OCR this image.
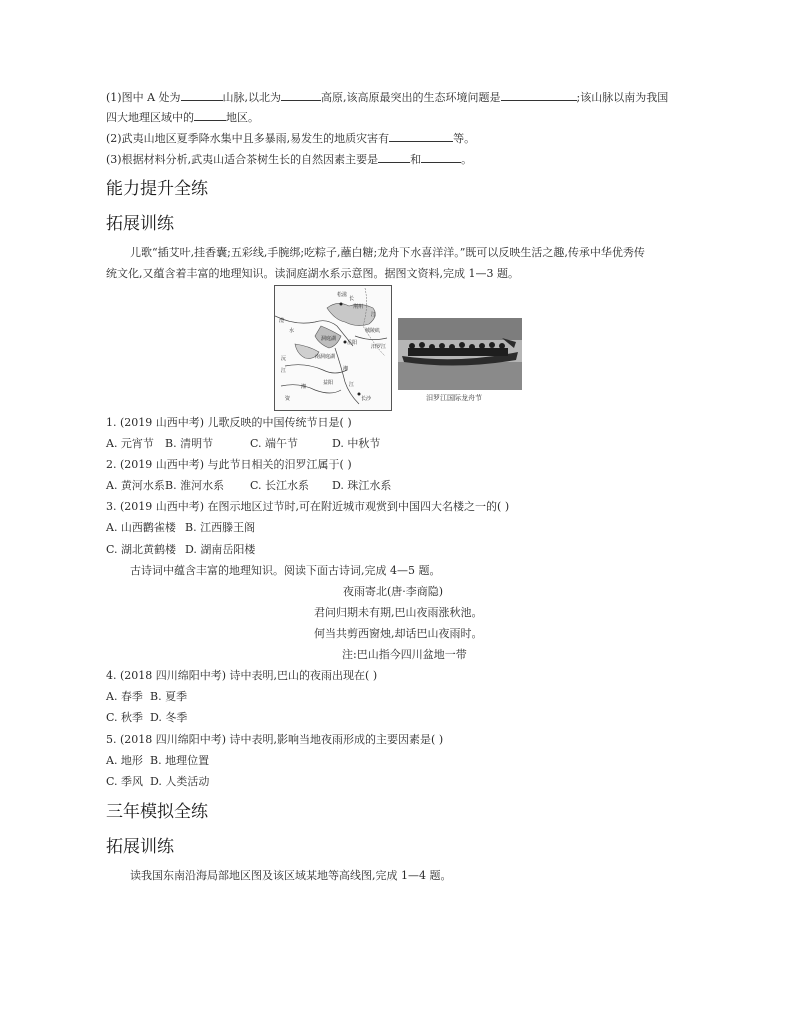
(1)图中 A 处为	山脉,以北为	高原,该高原最突出的生态环境问题是	;该山脉以南为我国
四大地理区域中的	地区。
(2)武夷山地区夏季降水集中且多暴雨,易发生的地质灾害有	等。
(3)根据材料分析,武夷山适合茶树生长的自然因素主要是	和	。
能力提升全练
拓展训练
儿歌“插艾叶,挂香囊;五彩线,手腕绑;吃粽子,蘸白糖;龙舟下水喜洋洋。”既可以反映生活之趣,传承中华优秀传
统文化,又蕴含着丰富的地理知识。读洞庭湖水系示意图。据图文资料,完成 1—3 题。
松滋
长
荆州
岳阳
江
澧
水
沅
江
洞庭湖
城陵矶
汨罗江
湘
资
南洞庭湖
益阳
湘
江
长沙	汨罗江国际龙舟节
1. (2019 山西中考) 儿歌反映的中国传统节日是( )
A. 元宵节 B. 清明节	C. 端午节	D. 中秋节
2. (2019 山西中考) 与此节日相关的汨罗江属于( )
A. 黄河水系 B. 淮河水系 C. 长江水系 D. 珠江水系
3. (2019 山西中考) 在图示地区过节时,可在附近城市观赏到中国四大名楼之一的( )
A. 山西鹳雀楼 B. 江西滕王阁
C. 湖北黄鹤楼 D. 湖南岳阳楼
古诗词中蕴含丰富的地理知识。阅读下面古诗词,完成 4—5 题。
夜雨寄北(唐·李商隐)
君问归期未有期,巴山夜雨涨秋池。
何当共剪西窗烛,却话巴山夜雨时。
注:巴山指今四川盆地一带
4. (2018 四川绵阳中考) 诗中表明,巴山的夜雨出现在( )
A. 春季 B. 夏季
C. 秋季 D. 冬季
5. (2018 四川绵阳中考) 诗中表明,影响当地夜雨形成的主要因素是( )
A. 地形 B. 地理位置
C. 季风 D. 人类活动
三年模拟全练
拓展训练
读我国东南沿海局部地区图及该区域某地等高线图,完成 1—4 题。
